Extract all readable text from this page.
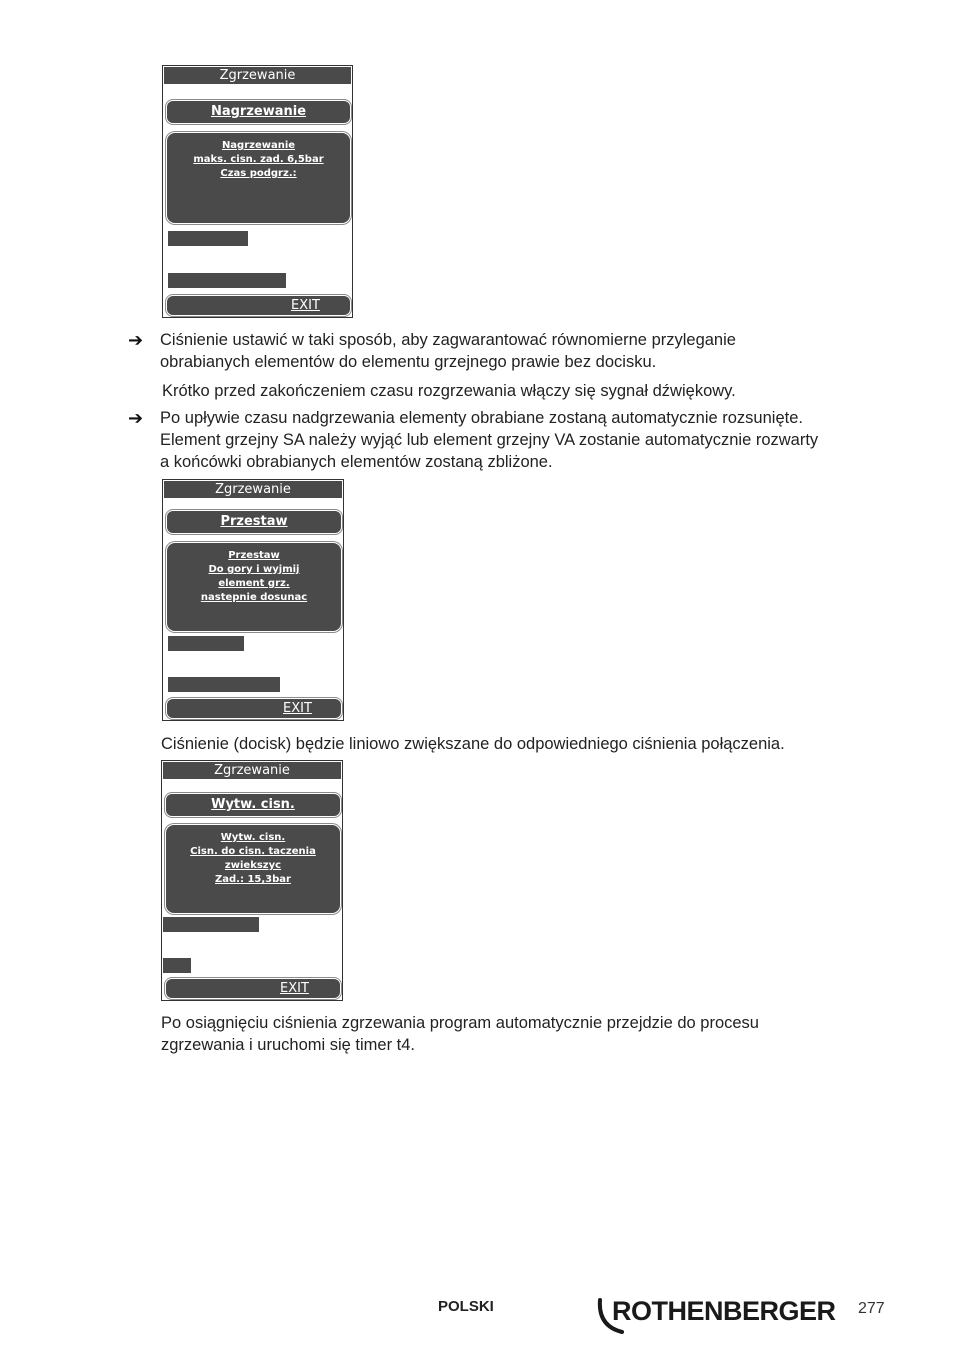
Zgrzewanie
Nagrzewanie
Nagrzewanie
maks. cisn. zad. 6,5bar
Czas podgrz.:
EXIT
➔ Ciśnienie ustawić w taki sposób, aby zagwarantować równomierne przyleganie
obrabianych elementów do elementu grzejnego prawie bez docisku.
Krótko przed zakończeniem czasu rozgrzewania włączy się sygnał dźwiękowy.
➔ Po upływie czasu nadgrzewania elementy obrabiane zostaną automatycznie rozsunięte.
Element grzejny SA należy wyjąć lub element grzejny VA zostanie automatycznie rozwarty
a końcówki obrabianych elementów zostaną zbliżone.
Zgrzewanie
Przestaw
Przestaw
Do gory i wyjmij
element grz.
nastepnie dosunac
EXIT
Ciśnienie (docisk) będzie liniowo zwiększane do odpowiedniego ciśnienia połączenia.
Zgrzewanie
Wytw. cisn.
Wytw. cisn.
Cisn. do cisn. taczenia
zwiekszyc
Zad.: 15,3bar
EXIT
Po osiągnięciu ciśnienia zgrzewania program automatycznie przejdzie do procesu
zgrzewania i uruchomi się timer t4.
POLSKI	ROTHENBERGER 277
